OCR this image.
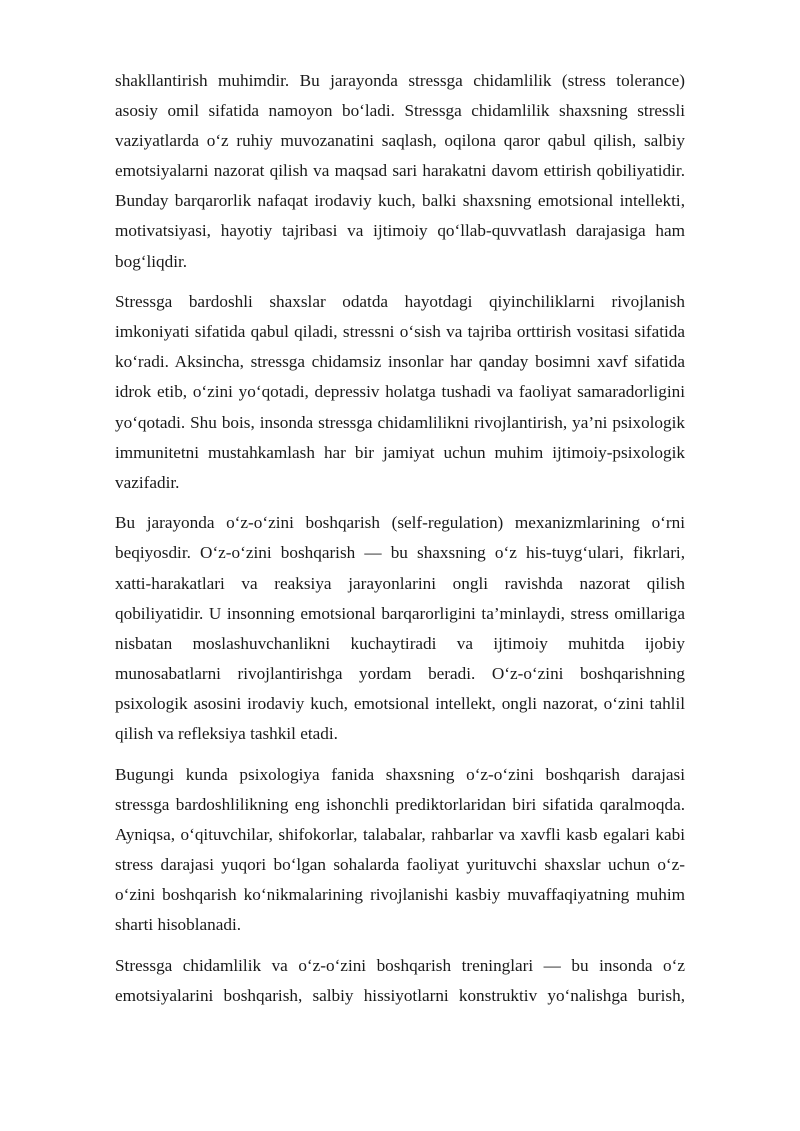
shakllantirish muhimdir. Bu jarayonda stressga chidamlilik (stress tolerance) asosiy omil sifatida namoyon bo‘ladi. Stressga chidamlilik shaxsning stressli vaziyatlarda o‘z ruhiy muvozanatini saqlash, oqilona qaror qabul qilish, salbiy emotsiyalarni nazorat qilish va maqsad sari harakatni davom ettirish qobiliyatidir. Bunday barqarorlik nafaqat irodaviy kuch, balki shaxsning emotsional intellekti, motivatsiyasi, hayotiy tajribasi va ijtimoiy qo‘llab-quvvatlash darajasiga ham bog‘liqdir.

Stressga bardoshli shaxslar odatda hayotdagi qiyinchiliklarni rivojlanish imkoniyati sifatida qabul qiladi, stressni o‘sish va tajriba orttirish vositasi sifatida ko‘radi. Aksincha, stressga chidamsiz insonlar har qanday bosimni xavf sifatida idrok etib, o‘zini yo‘qotadi, depressiv holatga tushadi va faoliyat samaradorligini yo‘qotadi. Shu bois, insonda stressga chidamlilikni rivojlantirish, ya’ni psixologik immunitetni mustahkamlash har bir jamiyat uchun muhim ijtimoiy-psixologik vazifadir.

Bu jarayonda o‘z-o‘zini boshqarish (self-regulation) mexanizmlarining o‘rni beqiyosdir. O‘z-o‘zini boshqarish — bu shaxsning o‘z his-tuyg‘ulari, fikrlari, xatti-harakatlari va reaksiya jarayonlarini ongli ravishda nazorat qilish qobiliyatidir. U insonning emotsional barqarorligini ta’minlaydi, stress omillariga nisbatan moslashuvchanlikni kuchaytiradi va ijtimoiy muhitda ijobiy munosabatlarni rivojlantirishga yordam beradi. O‘z-o‘zini boshqarishning psixologik asosini irodaviy kuch, emotsional intellekt, ongli nazorat, o‘zini tahlil qilish va refleksiya tashkil etadi.

Bugungi kunda psixologiya fanida shaxsning o‘z-o‘zini boshqarish darajasi stressga bardoshlilikning eng ishonchli prediktorlaridan biri sifatida qaralmoqda. Ayniqsa, o‘qituvchilar, shifokorlar, talabalar, rahbarlar va xavfli kasb egalari kabi stress darajasi yuqori bo‘lgan sohalarda faoliyat yurituvchi shaxslar uchun o‘z-o‘zini boshqarish ko‘nikmalarining rivojlanishi kasbiy muvaffaqiyatning muhim sharti hisoblanadi.

Stressga chidamlilik va o‘z-o‘zini boshqarish treninglari — bu insonda o‘z emotsiyalarini boshqarish, salbiy hissiyotlarni konstruktiv yo‘nalishga burish,
